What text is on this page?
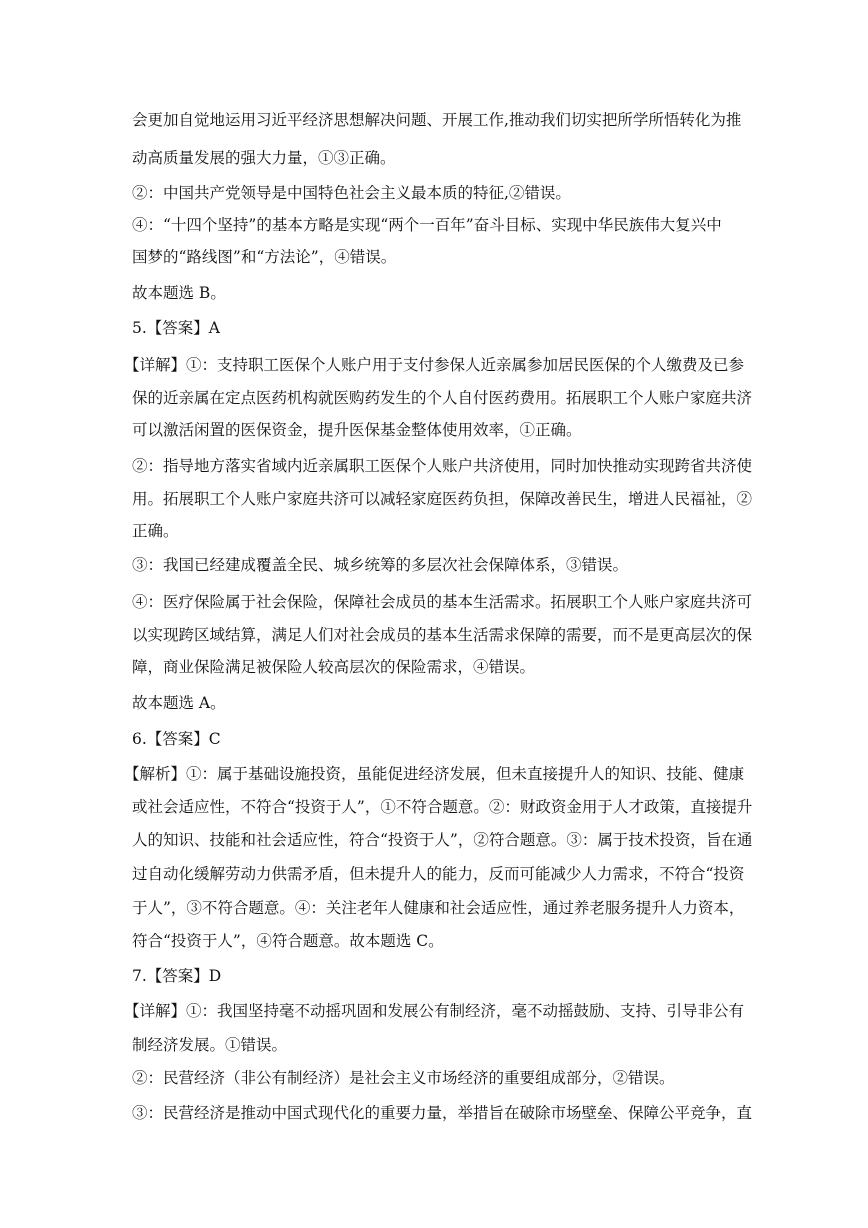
会更加自觉地运用习近平经济思想解决问题、开展工作,推动我们切实把所学所悟转化为推
动高质量发展的强大力量，①③正确。
②：中国共产党领导是中国特色社会主义最本质的特征,②错误。
④：“十四个坚持”的基本方略是实现“两个一百年”奋斗目标、实现中华民族伟大复兴中
国梦的“路线图”和“方法论”，④错误。
故本题选 B。
5.【答案】A
【详解】①：支持职工医保个人账户用于支付参保人近亲属参加居民医保的个人缴费及已参
保的近亲属在定点医药机构就医购药发生的个人自付医药费用。拓展职工个人账户家庭共济
可以激活闲置的医保资金，提升医保基金整体使用效率，①正确。
②：指导地方落实省域内近亲属职工医保个人账户共济使用，同时加快推动实现跨省共济使
用。拓展职工个人账户家庭共济可以减轻家庭医药负担，保障改善民生，增进人民福祉，②
正确。
③：我国已经建成覆盖全民、城乡统筹的多层次社会保障体系，③错误。
④：医疗保险属于社会保险，保障社会成员的基本生活需求。拓展职工个人账户家庭共济可
以实现跨区域结算，满足人们对社会成员的基本生活需求保障的需要，而不是更高层次的保
障，商业保险满足被保险人较高层次的保险需求，④错误。
故本题选 A。
6.【答案】C
【解析】①：属于基础设施投资，虽能促进经济发展，但未直接提升人的知识、技能、健康
或社会适应性，不符合“投资于人”，①不符合题意。②：财政资金用于人才政策，直接提升
人的知识、技能和社会适应性，符合“投资于人”，②符合题意。③：属于技术投资，旨在通
过自动化缓解劳动力供需矛盾，但未提升人的能力，反而可能减少人力需求，不符合“投资
于人”，③不符合题意。④：关注老年人健康和社会适应性，通过养老服务提升人力资本，
符合“投资于人”，④符合题意。故本题选 C。
7.【答案】D
【详解】①：我国坚持毫不动摇巩固和发展公有制经济，毫不动摇鼓励、支持、引导非公有
制经济发展。①错误。
②：民营经济（非公有制经济）是社会主义市场经济的重要组成部分，②错误。
③：民营经济是推动中国式现代化的重要力量，举措旨在破除市场壁垒、保障公平竞争，直
